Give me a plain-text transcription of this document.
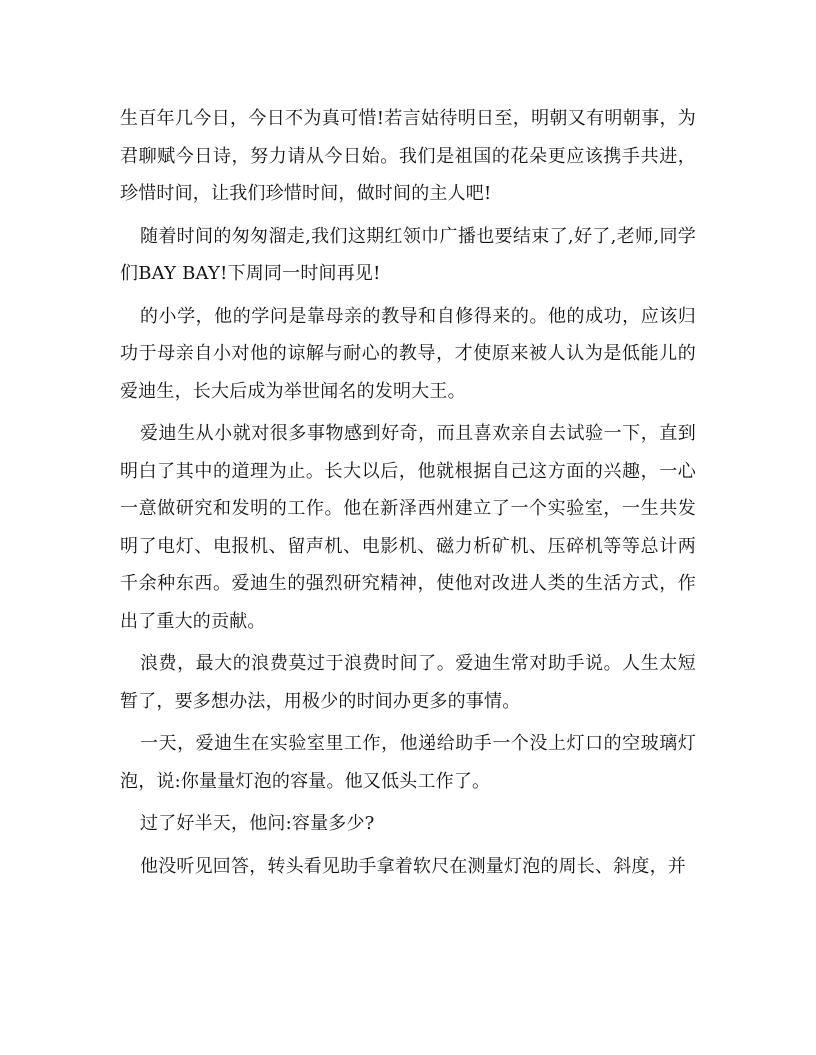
生百年几今日，今日不为真可惜!若言姑待明日至，明朝又有明朝事，为君聊赋今日诗，努力请从今日始。我们是祖国的花朵更应该携手共进，珍惜时间，让我们珍惜时间，做时间的主人吧!

随着时间的匆匆溜走,我们这期红领巾广播也要结束了,好了,老师,同学们BAY BAY!下周同一时间再见!

的小学，他的学问是靠母亲的教导和自修得来的。他的成功，应该归功于母亲自小对他的谅解与耐心的教导，才使原来被人认为是低能儿的爱迪生，长大后成为举世闻名的发明大王。

爱迪生从小就对很多事物感到好奇，而且喜欢亲自去试验一下，直到明白了其中的道理为止。长大以后，他就根据自己这方面的兴趣，一心一意做研究和发明的工作。他在新泽西州建立了一个实验室，一生共发明了电灯、电报机、留声机、电影机、磁力析矿机、压碎机等等总计两千余种东西。爱迪生的强烈研究精神，使他对改进人类的生活方式，作出了重大的贡献。

浪费，最大的浪费莫过于浪费时间了。爱迪生常对助手说。人生太短暂了，要多想办法，用极少的时间办更多的事情。

一天，爱迪生在实验室里工作，他递给助手一个没上灯口的空玻璃灯泡，说:你量量灯泡的容量。他又低头工作了。

过了好半天，他问:容量多少?

他没听见回答，转头看见助手拿着软尺在测量灯泡的周长、斜度，并
